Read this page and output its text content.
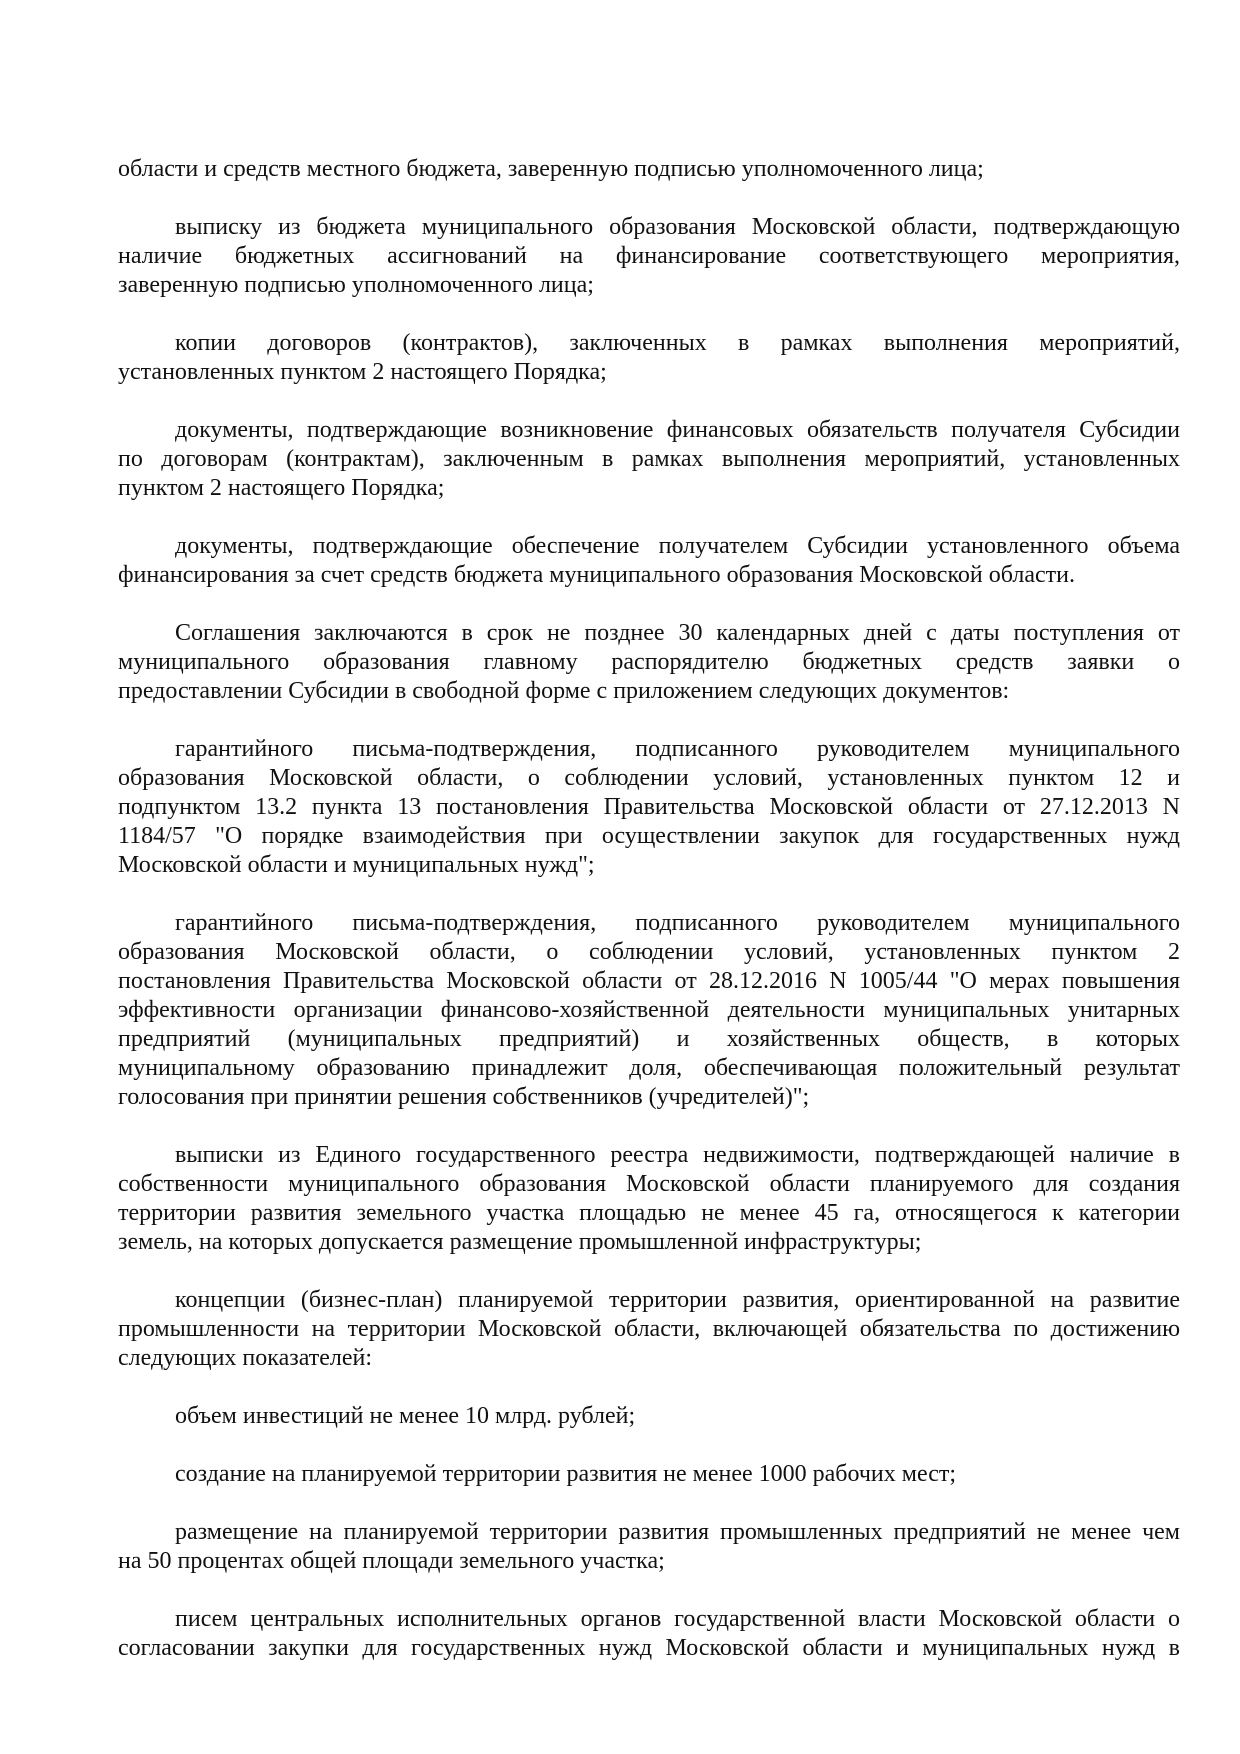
области и средств местного бюджета, заверенную подписью уполномоченного лица;
выписку из бюджета муниципального образования Московской области, подтверждающую
наличие бюджетных ассигнований на финансирование соответствующего мероприятия,
заверенную подписью уполномоченного лица;
копии договоров (контрактов), заключенных в рамках выполнения мероприятий,
установленных пунктом 2 настоящего Порядка;
документы, подтверждающие возникновение финансовых обязательств получателя Субсидии
по договорам (контрактам), заключенным в рамках выполнения мероприятий, установленных
пунктом 2 настоящего Порядка;
документы, подтверждающие обеспечение получателем Субсидии установленного объема
финансирования за счет средств бюджета муниципального образования Московской области.
Соглашения заключаются в срок не позднее 30 календарных дней с даты поступления от
муниципального образования главному распорядителю бюджетных средств заявки о
предоставлении Субсидии в свободной форме с приложением следующих документов:
гарантийного письма-подтверждения, подписанного руководителем муниципального
образования Московской области, о соблюдении условий, установленных пунктом 12 и
подпунктом 13.2 пункта 13 постановления Правительства Московской области от 27.12.2013 N
1184/57 "О порядке взаимодействия при осуществлении закупок для государственных нужд
Московской области и муниципальных нужд";
гарантийного письма-подтверждения, подписанного руководителем муниципального
образования Московской области, о соблюдении условий, установленных пунктом 2
постановления Правительства Московской области от 28.12.2016 N 1005/44 "О мерах повышения
эффективности организации финансово-хозяйственной деятельности муниципальных унитарных
предприятий (муниципальных предприятий) и хозяйственных обществ, в которых
муниципальному образованию принадлежит доля, обеспечивающая положительный результат
голосования при принятии решения собственников (учредителей)";
выписки из Единого государственного реестра недвижимости, подтверждающей наличие в
собственности муниципального образования Московской области планируемого для создания
территории развития земельного участка площадью не менее 45 га, относящегося к категории
земель, на которых допускается размещение промышленной инфраструктуры;
концепции (бизнес-план) планируемой территории развития, ориентированной на развитие
промышленности на территории Московской области, включающей обязательства по достижению
следующих показателей:
объем инвестиций не менее 10 млрд. рублей;
создание на планируемой территории развития не менее 1000 рабочих мест;
размещение на планируемой территории развития промышленных предприятий не менее чем
на 50 процентах общей площади земельного участка;
писем центральных исполнительных органов государственной власти Московской области о
согласовании закупки для государственных нужд Московской области и муниципальных нужд в
